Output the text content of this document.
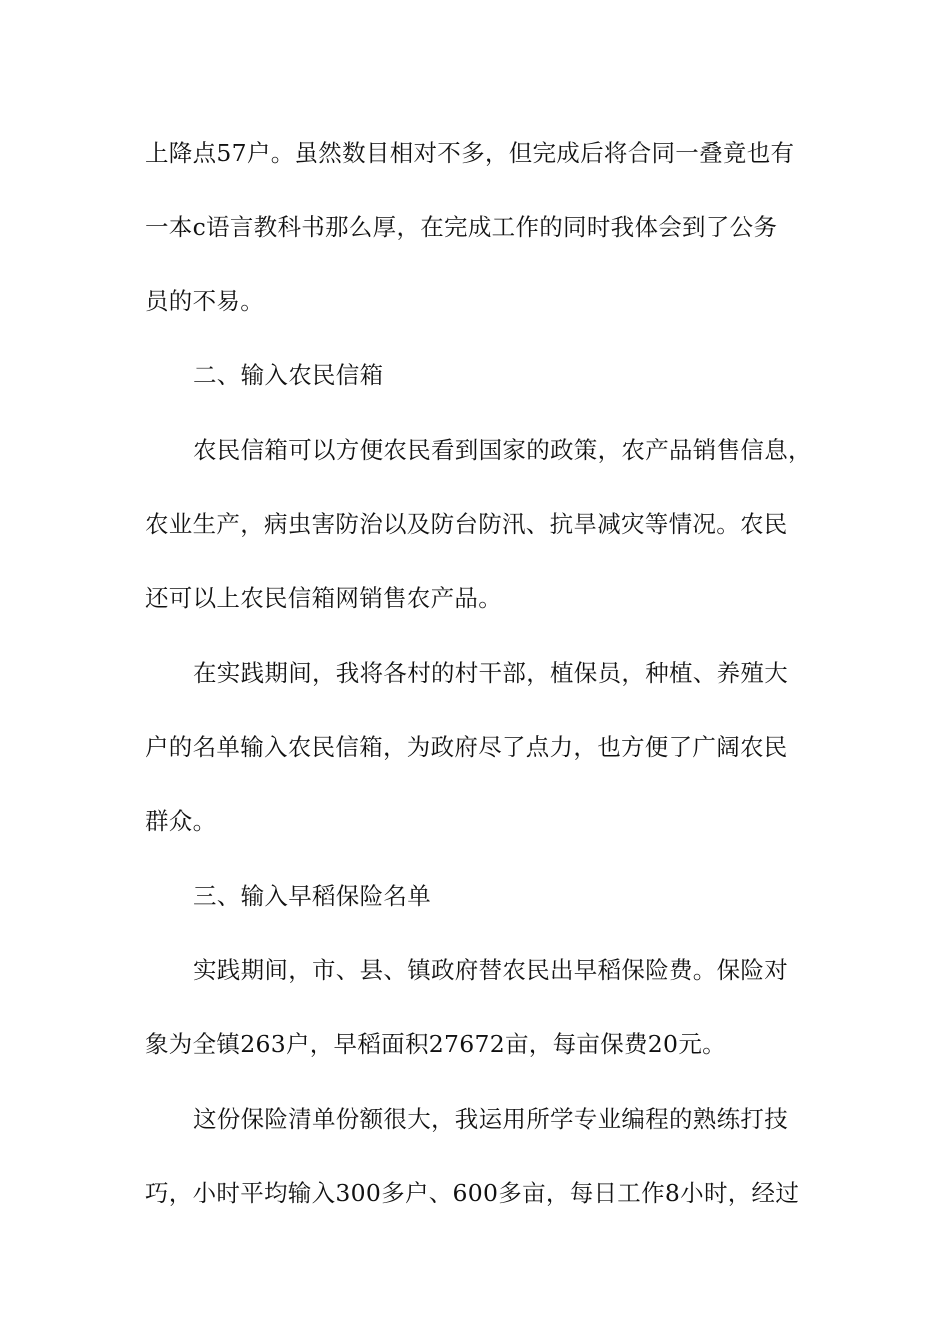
上降点57户。虽然数目相对不多，但完成后将合同一叠竟也有
一本c语言教科书那么厚，在完成工作的同时我体会到了公务
员的不易。
二、输入农民信箱
农民信箱可以方便农民看到国家的政策，农产品销售信息，
农业生产，病虫害防治以及防台防汛、抗旱减灾等情况。农民
还可以上农民信箱网销售农产品。
在实践期间，我将各村的村干部，植保员，种植、养殖大
户的名单输入农民信箱，为政府尽了点力，也方便了广阔农民
群众。
三、输入早稻保险名单
实践期间，市、县、镇政府替农民出早稻保险费。保险对
象为全镇263户，早稻面积27672亩，每亩保费20元。
这份保险清单份额很大，我运用所学专业编程的熟练打技
巧，小时平均输入300多户、600多亩，每日工作8小时，经过
